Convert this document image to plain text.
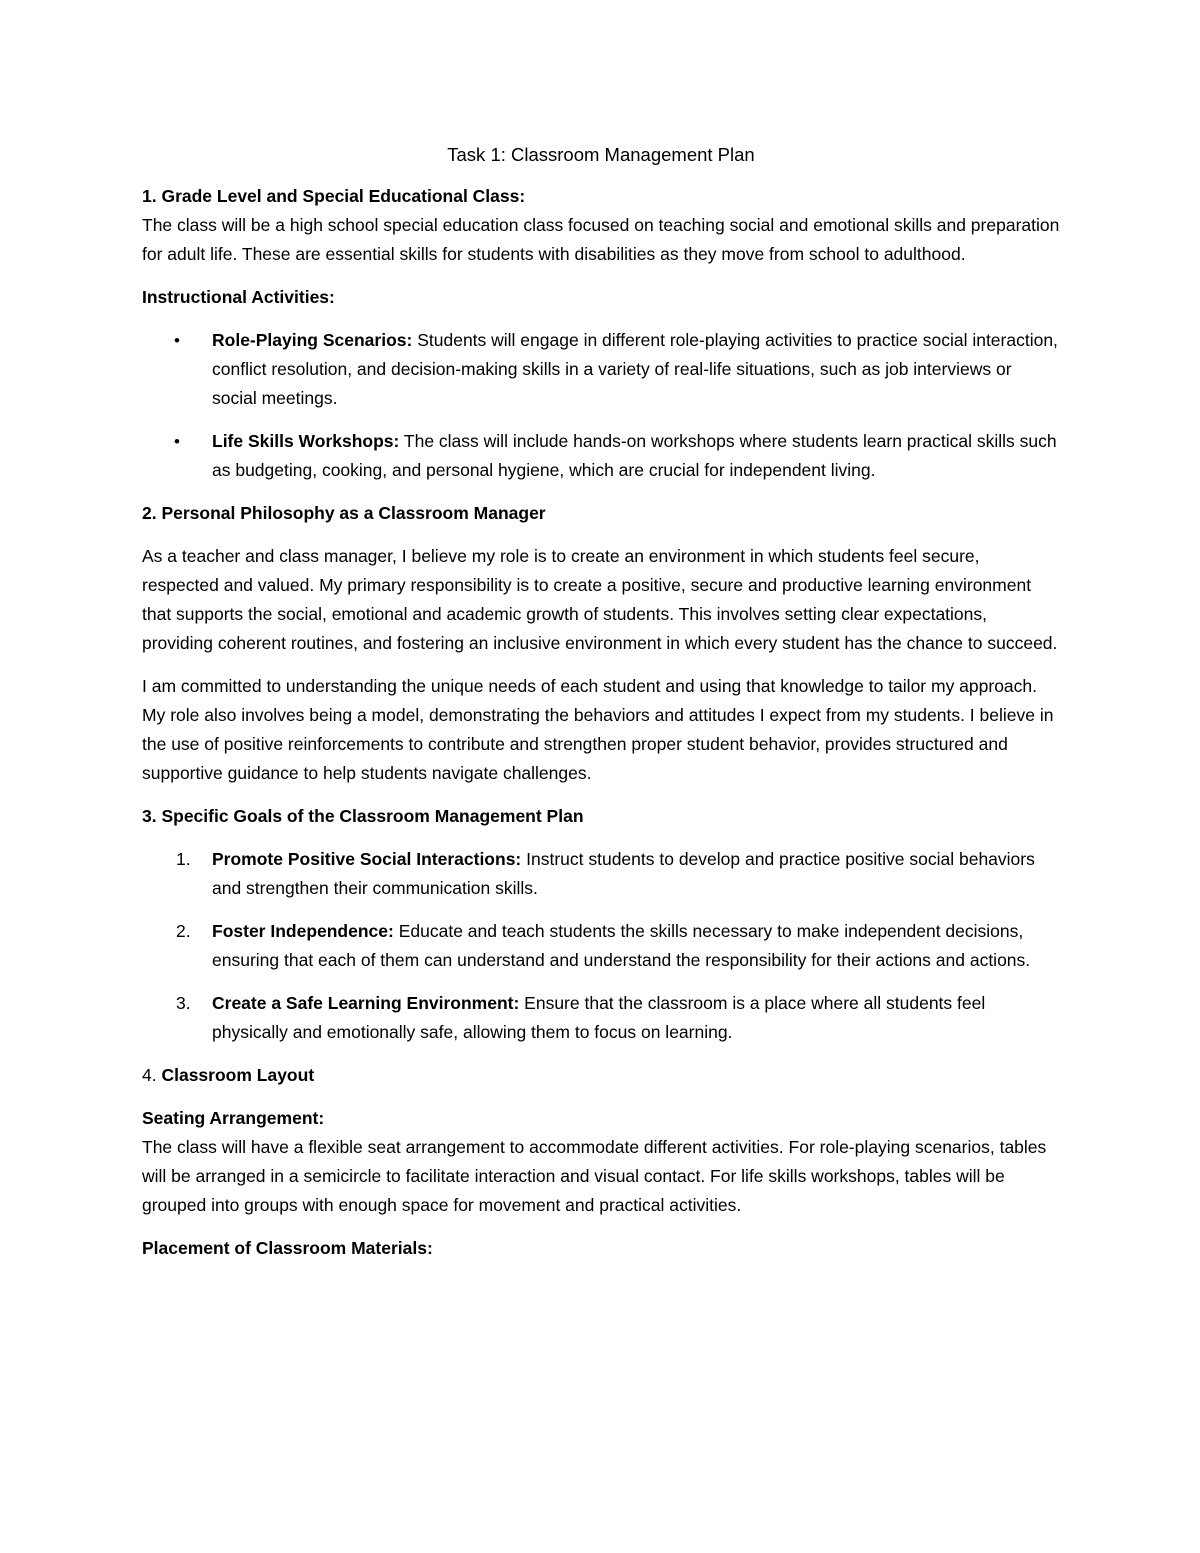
Task 1: Classroom Management Plan
1. Grade Level and Special Educational Class:

The class will be a high school special education class focused on teaching social and emotional skills and preparation for adult life. These are essential skills for students with disabilities as they move from school to adulthood.

Instructional Activities:
• Role-Playing Scenarios: Students will engage in different role-playing activities to practice social interaction, conflict resolution, and decision-making skills in a variety of real-life situations, such as job interviews or social meetings.
• Life Skills Workshops: The class will include hands-on workshops where students learn practical skills such as budgeting, cooking, and personal hygiene, which are crucial for independent living.
2. Personal Philosophy as a Classroom Manager

As a teacher and class manager, I believe my role is to create an environment in which students feel secure, respected and valued. My primary responsibility is to create a positive, secure and productive learning environment that supports the social, emotional and academic growth of students. This involves setting clear expectations, providing coherent routines, and fostering an inclusive environment in which every student has the chance to succeed.

I am committed to understanding the unique needs of each student and using that knowledge to tailor my approach. My role also involves being a model, demonstrating the behaviors and attitudes I expect from my students. I believe in the use of positive reinforcements to contribute and strengthen proper student behavior, provides structured and supportive guidance to help students navigate challenges.

3. Specific Goals of the Classroom Management Plan
1. Promote Positive Social Interactions: Instruct students to develop and practice positive social behaviors and strengthen their communication skills.
2. Foster Independence: Educate and teach students the skills necessary to make independent decisions, ensuring that each of them can understand and understand the responsibility for their actions and actions.
3. Create a Safe Learning Environment: Ensure that the classroom is a place where all students feel physically and emotionally safe, allowing them to focus on learning.
4. Classroom Layout
Seating Arrangement:

The class will have a flexible seat arrangement to accommodate different activities. For role-playing scenarios, tables will be arranged in a semicircle to facilitate interaction and visual contact. For life skills workshops, tables will be grouped into groups with enough space for movement and practical activities.

Placement of Classroom Materials:
